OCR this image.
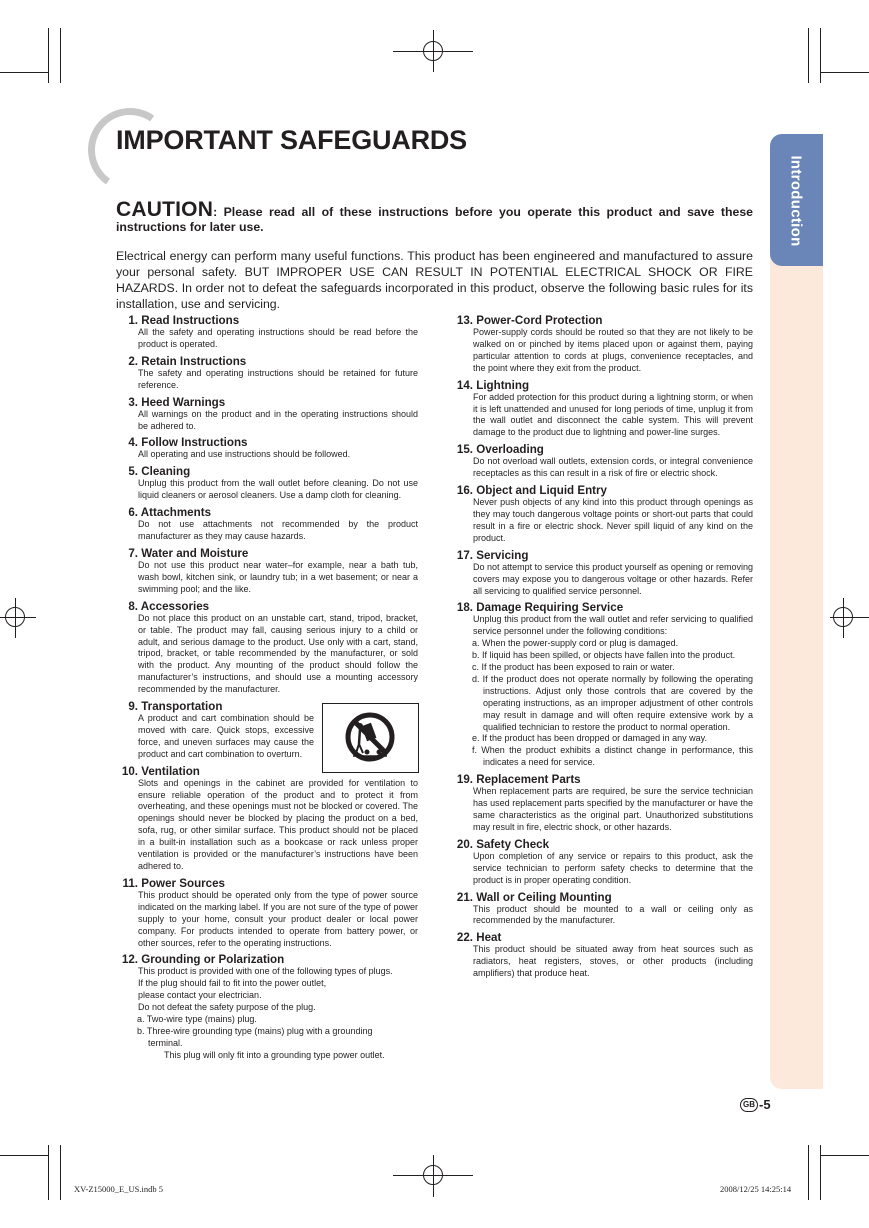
Introduction
IMPORTANT SAFEGUARDS
CAUTION: Please read all of these instructions before you operate this product and save these instructions for later use.
Electrical energy can perform many useful functions. This product has been engineered and manufactured to assure your personal safety. BUT IMPROPER USE CAN RESULT IN POTENTIAL ELECTRICAL SHOCK OR FIRE HAZARDS. In order not to defeat the safeguards incorporated in this product, observe the following basic rules for its installation, use and servicing.
1. Read Instructions
All the safety and operating instructions should be read before the product is operated.
2. Retain Instructions
The safety and operating instructions should be retained for future reference.
3. Heed Warnings
All warnings on the product and in the operating instructions should be adhered to.
4. Follow Instructions
All operating and use instructions should be followed.
5. Cleaning
Unplug this product from the wall outlet before cleaning. Do not use liquid cleaners or aerosol cleaners. Use a damp cloth for cleaning.
6. Attachments
Do not use attachments not recommended by the product manufacturer as they may cause hazards.
7. Water and Moisture
Do not use this product near water–for example, near a bath tub, wash bowl, kitchen sink, or laundry tub; in a wet basement; or near a swimming pool; and the like.
8. Accessories
Do not place this product on an unstable cart, stand, tripod, bracket, or table. The product may fall, causing serious injury to a child or adult, and serious damage to the product. Use only with a cart, stand, tripod, bracket, or table recommended by the manufacturer, or sold with the product. Any mounting of the product should follow the manufacturer’s instructions, and should use a mounting accessory recommended by the manufacturer.
9. Transportation
A product and cart combination should be moved with care. Quick stops, excessive force, and uneven surfaces may cause the product and cart combination to overturn.
10. Ventilation
Slots and openings in the cabinet are provided for ventilation to ensure reliable operation of the product and to protect it from overheating, and these openings must not be blocked or covered. The openings should never be blocked by placing the product on a bed, sofa, rug, or other similar surface. This product should not be placed in a built-in installation such as a bookcase or rack unless proper ventilation is provided or the manufacturer’s instructions have been adhered to.
11. Power Sources
This product should be operated only from the type of power source indicated on the marking label. If you are not sure of the type of power supply to your home, consult your product dealer or local power company. For products intended to operate from battery power, or other sources, refer to the operating instructions.
12. Grounding or Polarization
This product is provided with one of the following types of plugs.
If the plug should fail to fit into the power outlet,
please contact your electrician.
Do not defeat the safety purpose of the plug.
a. Two-wire type (mains) plug.
b. Three-wire grounding type (mains) plug with a grounding terminal.
This plug will only fit into a grounding type power outlet.
13. Power-Cord Protection
Power-supply cords should be routed so that they are not likely to be walked on or pinched by items placed upon or against them, paying particular attention to cords at plugs, convenience receptacles, and the point where they exit from the product.
14. Lightning
For added protection for this product during a lightning storm, or when it is left unattended and unused for long periods of time, unplug it from the wall outlet and disconnect the cable system. This will prevent damage to the product due to lightning and power-line surges.
15. Overloading
Do not overload wall outlets, extension cords, or integral convenience receptacles as this can result in a risk of fire or electric shock.
16. Object and Liquid Entry
Never push objects of any kind into this product through openings as they may touch dangerous voltage points or short-out parts that could result in a fire or electric shock. Never spill liquid of any kind on the product.
17. Servicing
Do not attempt to service this product yourself as opening or removing covers may expose you to dangerous voltage or other hazards. Refer all servicing to qualified service personnel.
18. Damage Requiring Service
Unplug this product from the wall outlet and refer servicing to qualified service personnel under the following conditions:
a. When the power-supply cord or plug is damaged.
b. If liquid has been spilled, or objects have fallen into the product.
c. If the product has been exposed to rain or water.
d. If the product does not operate normally by following the operating instructions. Adjust only those controls that are covered by the operating instructions, as an improper adjustment of other controls may result in damage and will often require extensive work by a qualified technician to restore the product to normal operation.
e. If the product has been dropped or damaged in any way.
f. When the product exhibits a distinct change in performance, this indicates a need for service.
19. Replacement Parts
When replacement parts are required, be sure the service technician has used replacement parts specified by the manufacturer or have the same characteristics as the original part. Unauthorized substitutions may result in fire, electric shock, or other hazards.
20. Safety Check
Upon completion of any service or repairs to this product, ask the service technician to perform safety checks to determine that the product is in proper operating condition.
21. Wall or Ceiling Mounting
This product should be mounted to a wall or ceiling only as recommended by the manufacturer.
22. Heat
This product should be situated away from heat sources such as radiators, heat registers, stoves, or other products (including amplifiers) that produce heat.
GB -5
XV-Z15000_E_US.indb 5	2008/12/25 14:25:14
